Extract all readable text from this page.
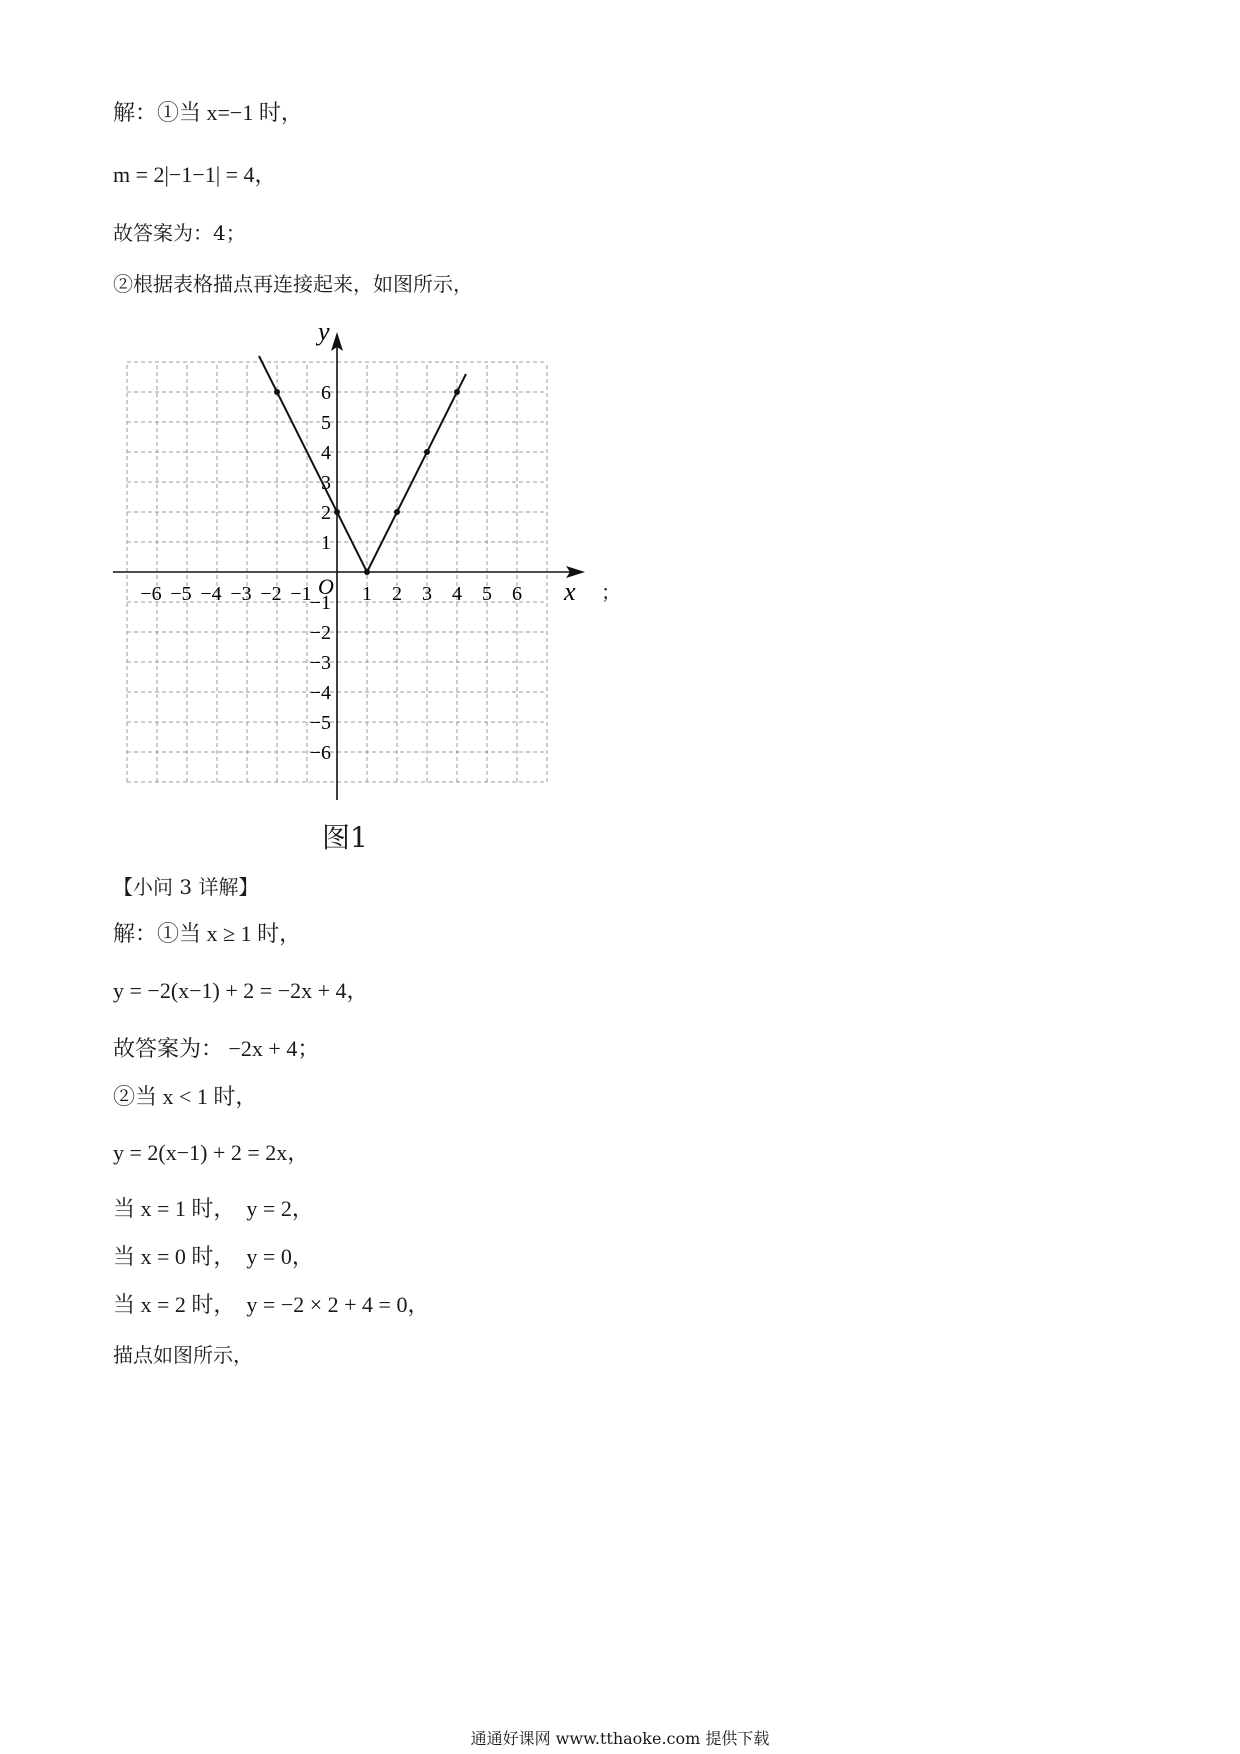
解：①当 x=−1 时，
m = 2|−1−1| = 4，
故答案为：4；
②根据表格描点再连接起来，如图所示，
x
y
O
−6 −5 −4 −3 −2 −1	1 2 3 4 5 6
6
5
4
3
2
1
−1
−2
−3
−4
−5
−6
；
图1
【小问 3 详解】
解：①当 x ≥ 1 时，
y = −2(x−1) + 2 = −2x + 4，
故答案为： −2x + 4；
②当 x < 1 时，
y = 2(x−1) + 2 = 2x，
当 x = 1 时，  y = 2，
当 x = 0 时，  y = 0，
当 x = 2 时，  y = −2 × 2 + 4 = 0，
描点如图所示，
通通好课网 www.tthaoke.com 提供下载
